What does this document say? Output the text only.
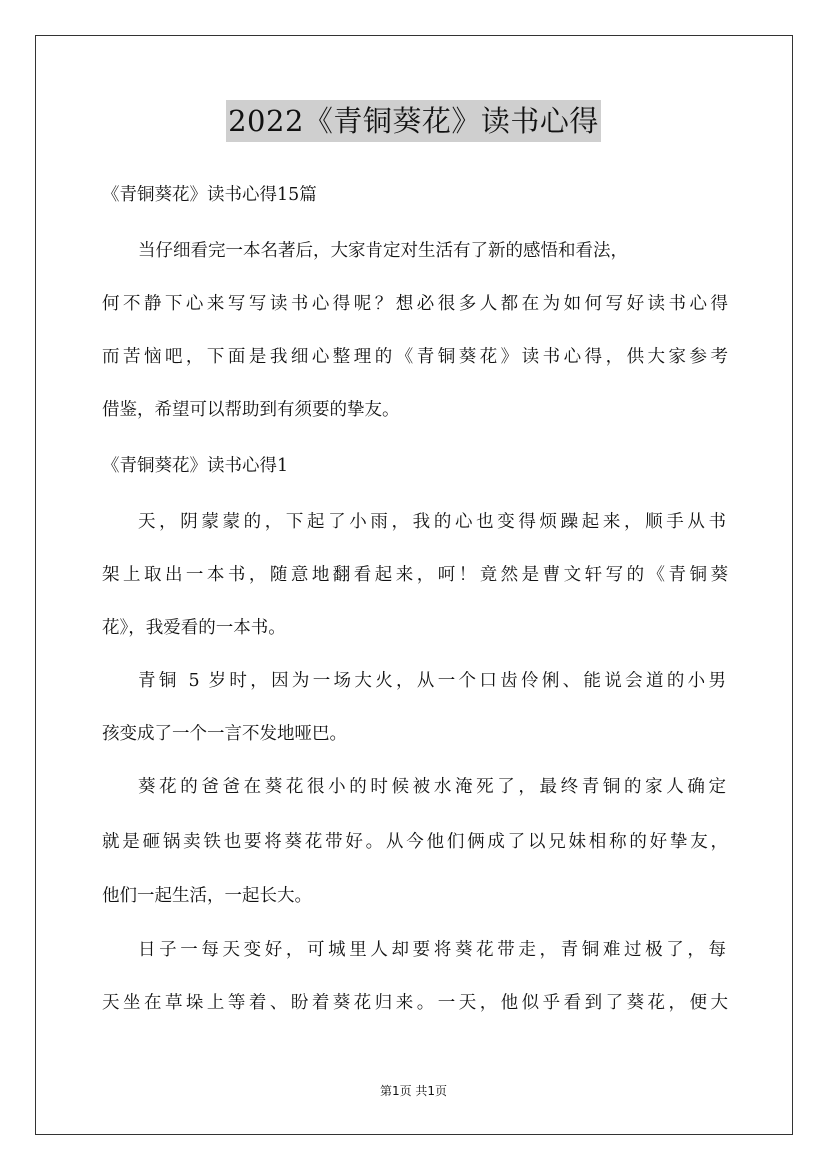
2022《青铜葵花》读书心得
《青铜葵花》读书心得15篇
当仔细看完一本名著后，大家肯定对生活有了新的感悟和看法，
何不静下心来写写读书心得呢？想必很多人都在为如何写好读书心得
而苦恼吧，下面是我细心整理的《青铜葵花》读书心得，供大家参考
借鉴，希望可以帮助到有须要的挚友。
《青铜葵花》读书心得1
天，阴蒙蒙的，下起了小雨，我的心也变得烦躁起来，顺手从书
架上取出一本书，随意地翻看起来，呵！竟然是曹文轩写的《青铜葵
花》，我爱看的一本书。
青铜 5 岁时，因为一场大火，从一个口齿伶俐、能说会道的小男
孩变成了一个一言不发地哑巴。
葵花的爸爸在葵花很小的时候被水淹死了，最终青铜的家人确定
就是砸锅卖铁也要将葵花带好。从今他们俩成了以兄妹相称的好挚友，
他们一起生活，一起长大。
日子一每天变好，可城里人却要将葵花带走，青铜难过极了，每
天坐在草垛上等着、盼着葵花归来。一天，他似乎看到了葵花，便大
第1页 共1页
